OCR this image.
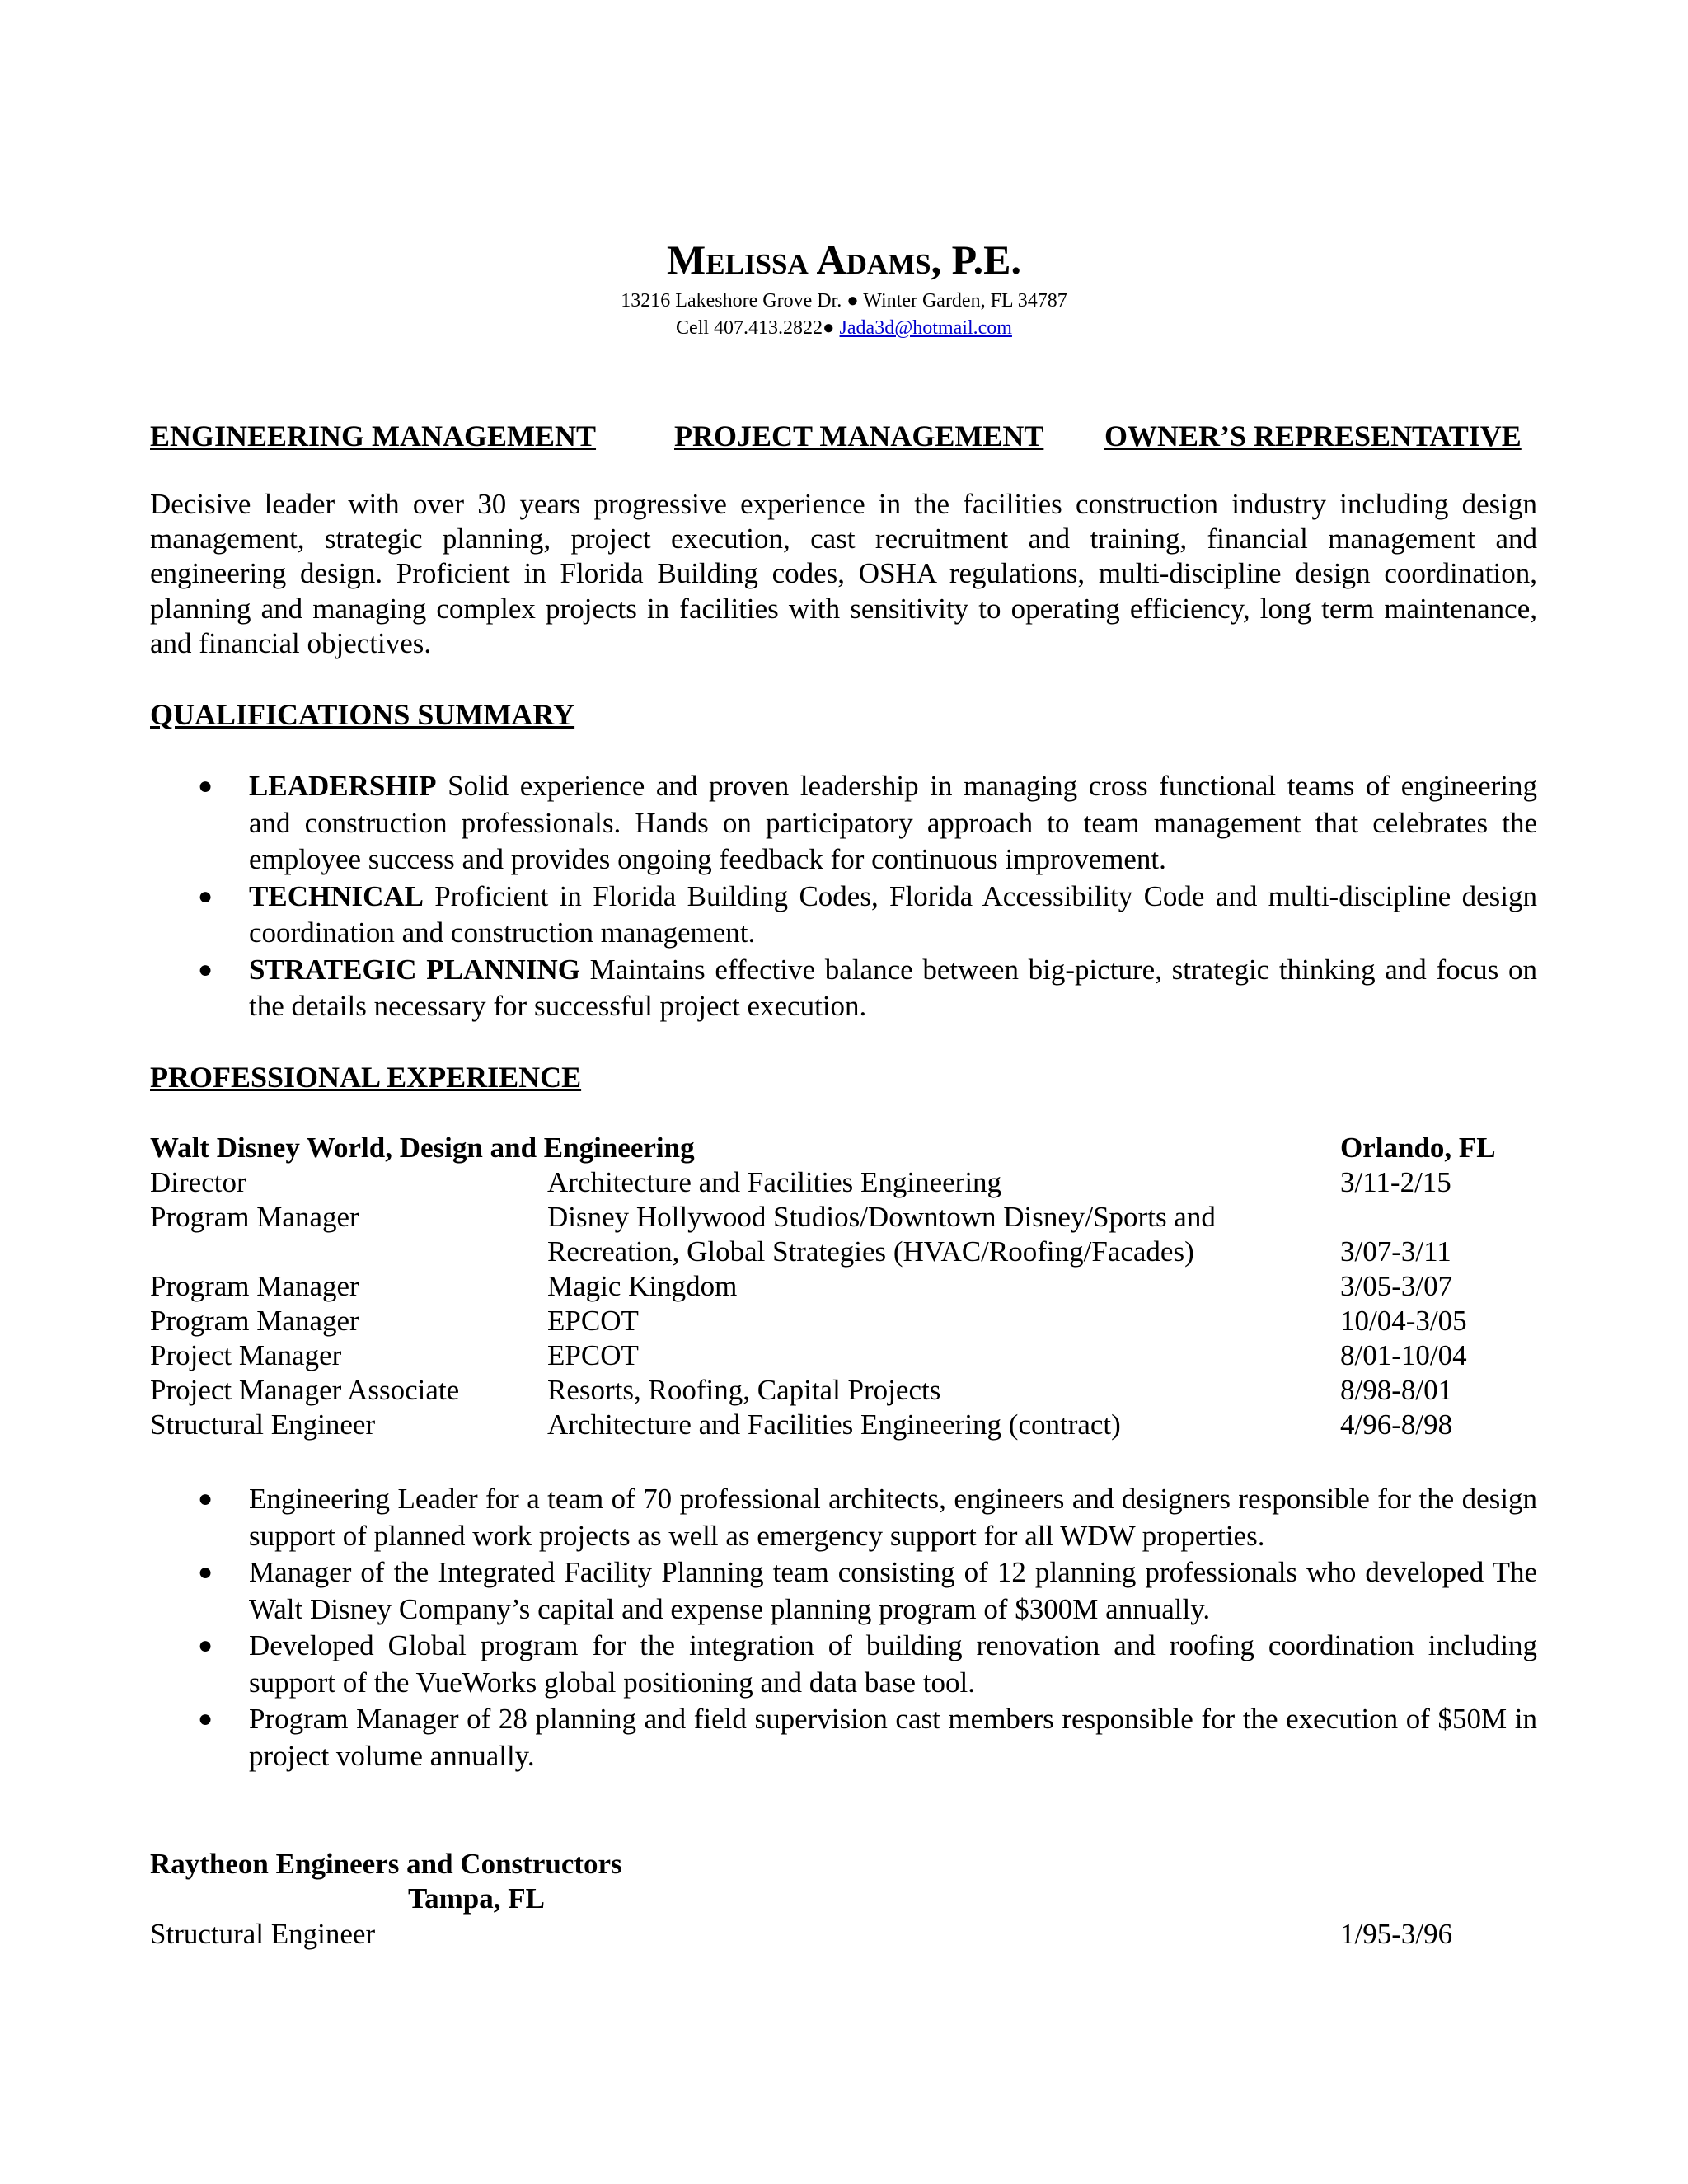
Melissa Adams, P.E.
13216 Lakeshore Grove Dr. ● Winter Garden, FL 34787
Cell 407.413.2822● Jada3d@hotmail.com
ENGINEERING MANAGEMENT	PROJECT MANAGEMENT OWNER’S REPRESENTATIVE
Decisive leader with over 30 years progressive experience in the facilities construction industry including design management, strategic planning, project execution, cast recruitment and training, financial management and engineering design. Proficient in Florida Building codes, OSHA regulations, multi-discipline design coordination, planning and managing complex projects in facilities with sensitivity to operating efficiency, long term maintenance, and financial objectives.
QUALIFICATIONS SUMMARY
● LEADERSHIP Solid experience and proven leadership in managing cross functional teams of engineering and construction professionals. Hands on participatory approach to team management that celebrates the employee success and provides ongoing feedback for continuous improvement.
● TECHNICAL Proficient in Florida Building Codes, Florida Accessibility Code and multi-discipline design coordination and construction management.
● STRATEGIC PLANNING Maintains effective balance between big-picture, strategic thinking and focus on the details necessary for successful project execution.
PROFESSIONAL EXPERIENCE
Walt Disney World, Design and Engineering	Orlando, FL
Director	Architecture and Facilities Engineering	3/11-2/15
Program Manager	Disney Hollywood Studios/Downtown Disney/Sports and
Recreation, Global Strategies (HVAC/Roofing/Facades)	3/07-3/11
Program Manager	Magic Kingdom	3/05-3/07
Program Manager	EPCOT	10/04-3/05
Project Manager	EPCOT	8/01-10/04
Project Manager Associate	Resorts, Roofing, Capital Projects	8/98-8/01
Structural Engineer	Architecture and Facilities Engineering (contract)	4/96-8/98
● Engineering Leader for a team of 70 professional architects, engineers and designers responsible for the design support of planned work projects as well as emergency support for all WDW properties.
● Manager of the Integrated Facility Planning team consisting of 12 planning professionals who developed The Walt Disney Company’s capital and expense planning program of $300M annually.
● Developed Global program for the integration of building renovation and roofing coordination including support of the VueWorks global positioning and data base tool.
● Program Manager of 28 planning and field supervision cast members responsible for the execution of $50M in project volume annually.
Raytheon Engineers and Constructors
Tampa, FL
Structural Engineer	1/95-3/96
